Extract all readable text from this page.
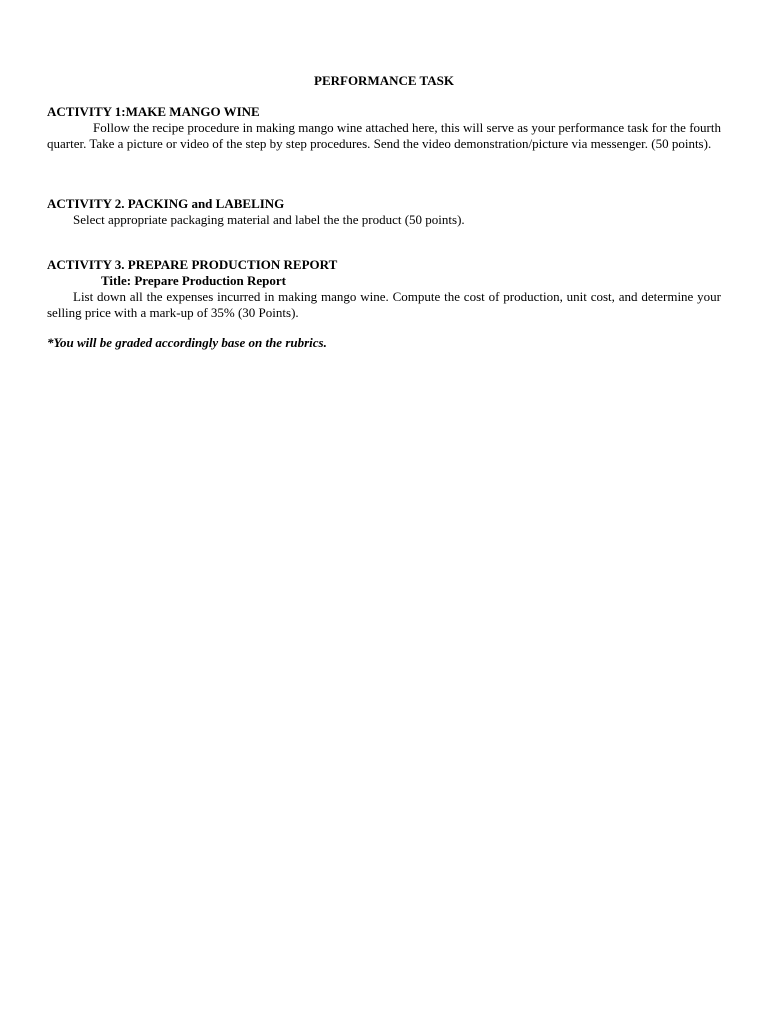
PERFORMANCE TASK
ACTIVITY 1:MAKE MANGO WINE

Follow the recipe procedure in making mango wine attached here, this will serve as your performance task for the fourth quarter. Take a picture or video of the step by step procedures. Send the video demonstration/picture via messenger. (50 points).

ACTIVITY 2. PACKING and LABELING

Select appropriate packaging material and label the the product (50 points).

ACTIVITY 3. PREPARE PRODUCTION REPORT
Title: Prepare Production Report

List down all the expenses incurred in making mango wine. Compute the cost of production, unit cost, and determine your selling price with a mark-up of 35% (30 Points).

*You will be graded accordingly base on the rubrics.
